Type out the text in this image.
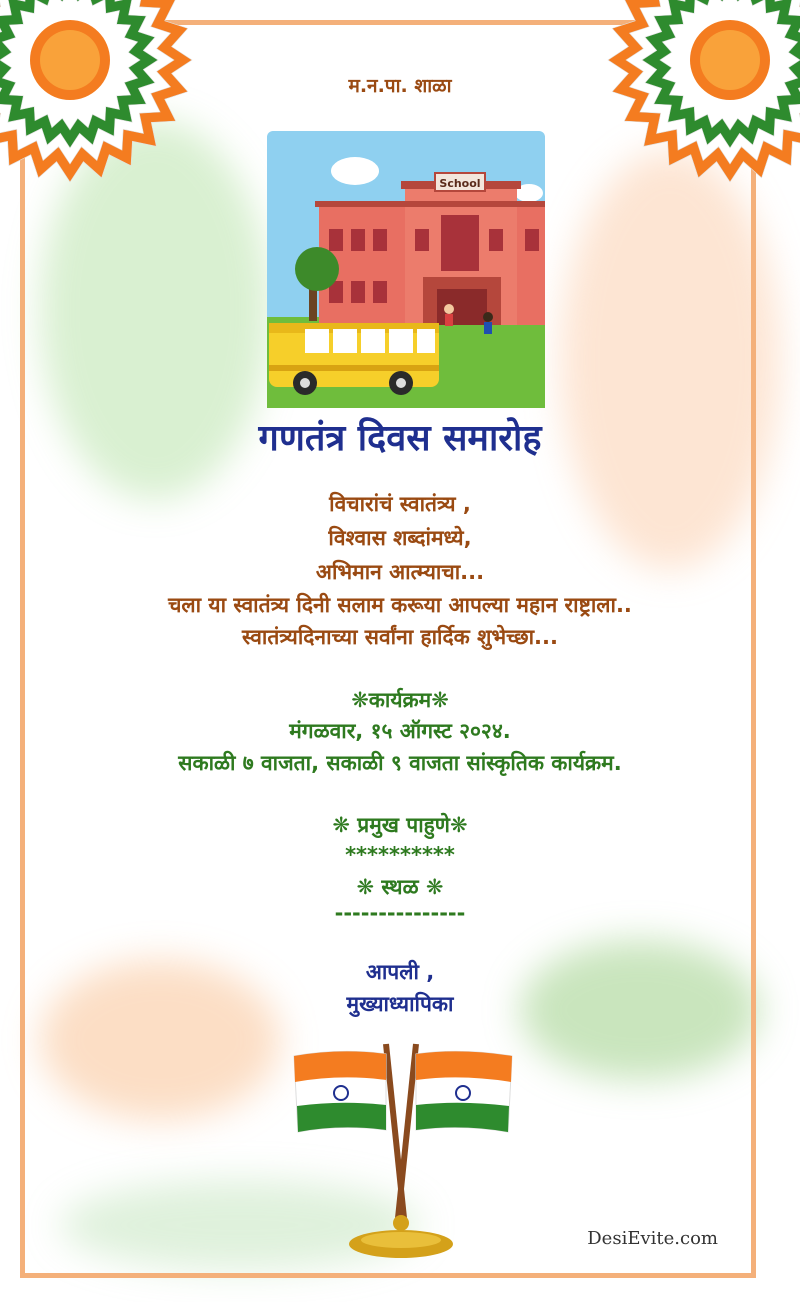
म.न.पा. शाळा
School
गणतंत्र दिवस समारोह
विचारांचं स्वातंत्र्य ,
विश्वास शब्दांमध्ये,
अभिमान आत्म्याचा...
चला या स्वातंत्र्य दिनी सलाम करूया आपल्या महान राष्ट्राला..
स्वातंत्र्यदिनाच्या सर्वांना हार्दिक शुभेच्छा...
❋कार्यक्रम❋
मंगळवार, १५ ऑगस्ट २०२४.
सकाळी ७ वाजता, सकाळी ९ वाजता सांस्कृतिक कार्यक्रम.
❋ प्रमुख पाहुणे❋
**********
❋ स्थळ ❋
---------------
आपली ,
मुख्याध्यापिका
DesiEvite.com
